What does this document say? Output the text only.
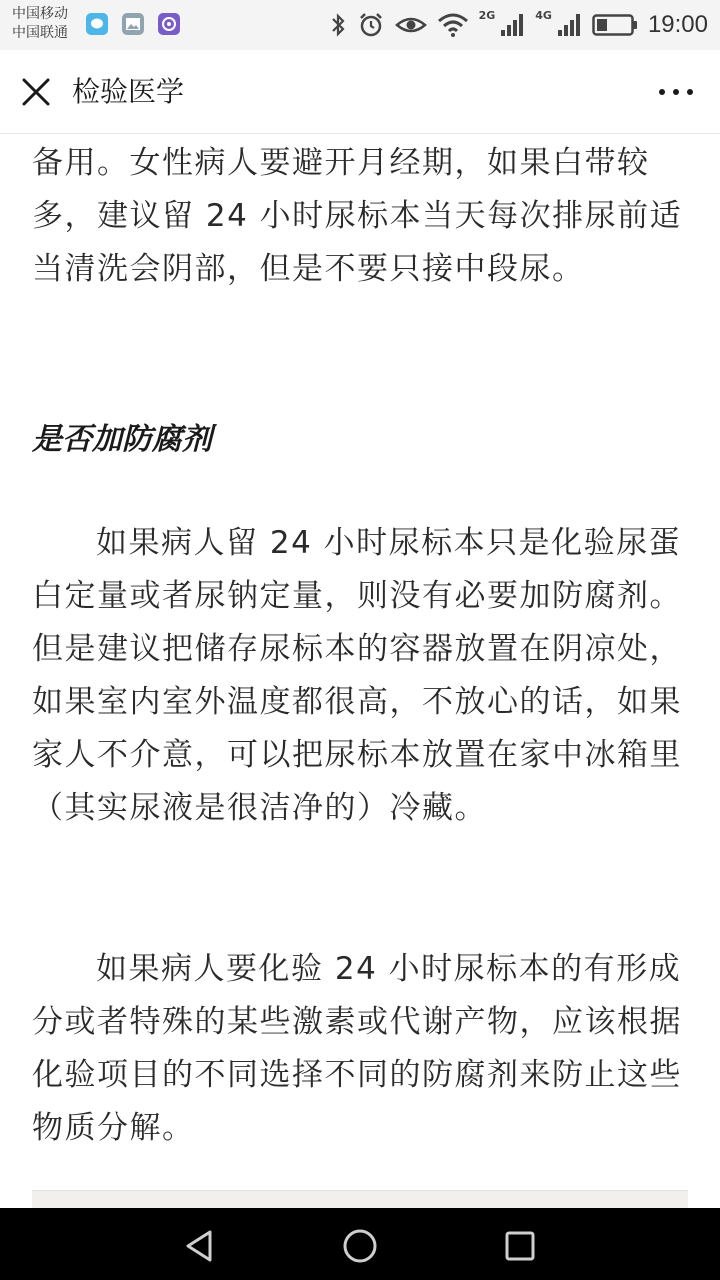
中国移动
中国联通
2G	4G	19:00
检验医学

备用。女性病人要避开月经期，如果白带较多，建议留 24 小时尿标本当天每次排尿前适当清洗会阴部，但是不要只接中段尿。

是否加防腐剂

如果病人留 24 小时尿标本只是化验尿蛋白定量或者尿钠定量，则没有必要加防腐剂。但是建议把储存尿标本的容器放置在阴凉处，如果室内室外温度都很高，不放心的话，如果家人不介意，可以把尿标本放置在家中冰箱里（其实尿液是很洁净的）冷藏。

如果病人要化验 24 小时尿标本的有形成分或者特殊的某些激素或代谢产物，应该根据化验项目的不同选择不同的防腐剂来防止这些物质分解。
